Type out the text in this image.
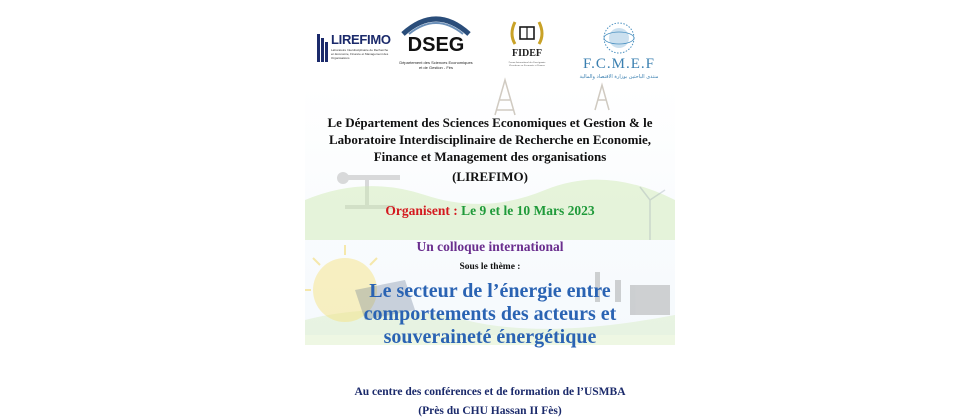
LIREFIMO
Laboratoire Interdisciplinaire de Recherche en Economie, Finance et Management des Organisations
DSEG
Département des Sciences Economiques et de Gestion - Fès
FIDEF
Forum International des Enseignants Chercheurs en Economie et Finance	F.C.M.E.F
منتدى الباحثين بوزارة الاقتصاد والمالية
Le Département des Sciences Economiques et Gestion & le
Laboratoire Interdisciplinaire de Recherche en Economie,
Finance et Management des organisations
(LIREFIMO)
Organisent : Le 9 et le 10 Mars 2023
Un colloque international
Sous le thème :
Le secteur de l’énergie entre
comportements des acteurs et
souveraineté énergétique
Au centre des conférences et de formation de l’USMBA
(Près du CHU Hassan II Fès)
